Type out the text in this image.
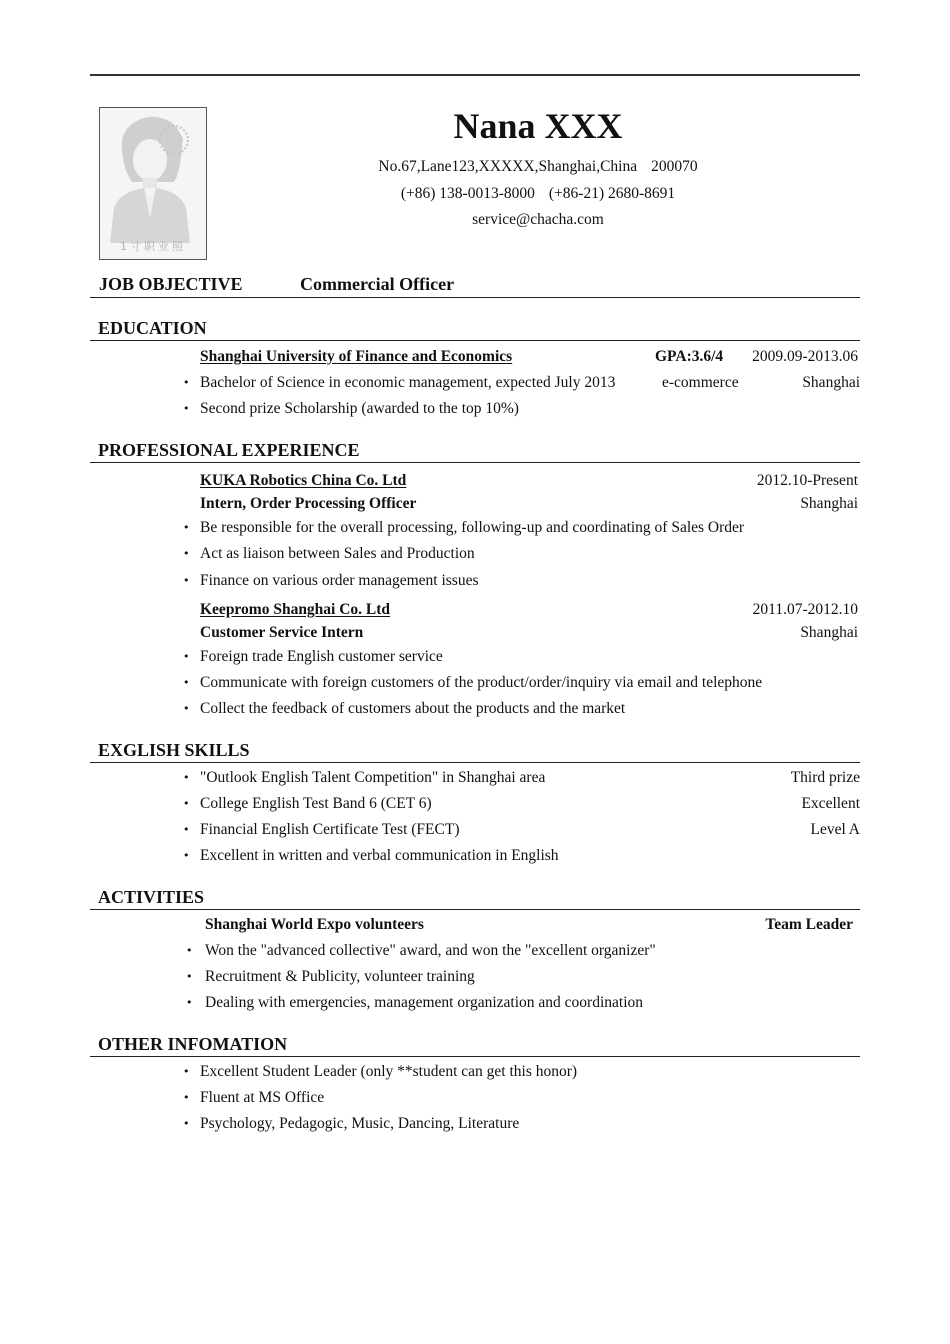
1寸职业照
Nana XXX
No.67,Lane123,XXXXX,Shanghai,China 200070
(+86) 138-0013-8000 (+86-21) 2680-8691
service@chacha.com
JOB OBJECTIVE	Commercial Officer
EDUCATION
Shanghai University of Finance and Economics	GPA:3.6/4 2009.09-2013.06
• Bachelor of Science in economic management, expected July 2013	e-commerce	Shanghai
• Second prize Scholarship (awarded to the top 10%)
PROFESSIONAL EXPERIENCE
KUKA Robotics China Co. Ltd	2012.10-Present
Intern, Order Processing Officer	Shanghai
• Be responsible for the overall processing, following-up and coordinating of Sales Order
• Act as liaison between Sales and Production
• Finance on various order management issues
Keepromo Shanghai Co. Ltd	2011.07-2012.10
Customer Service Intern	Shanghai
• Foreign trade English customer service
• Communicate with foreign customers of the product/order/inquiry via email and telephone
• Collect the feedback of customers about the products and the market
EXGLISH SKILLS
• "Outlook English Talent Competition" in Shanghai area	Third prize
• College English Test Band 6 (CET 6)	Excellent
• Financial English Certificate Test (FECT)	Level A
• Excellent in written and verbal communication in English
ACTIVITIES
Shanghai World Expo volunteers	Team Leader
• Won the "advanced collective" award, and won the "excellent organizer"
• Recruitment & Publicity, volunteer training
• Dealing with emergencies, management organization and coordination
OTHER INFOMATION
• Excellent Student Leader (only **student can get this honor)
• Fluent at MS Office
• Psychology, Pedagogic, Music, Dancing, Literature
